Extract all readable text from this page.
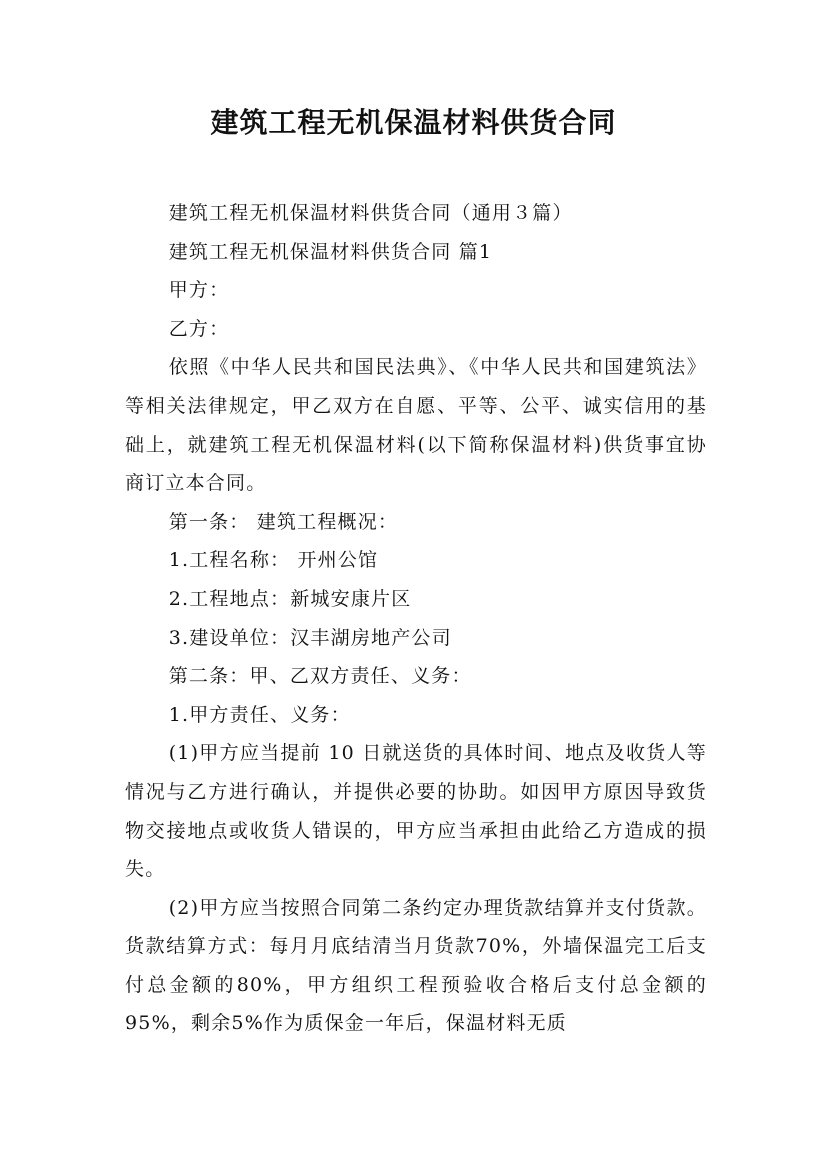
建筑工程无机保温材料供货合同

建筑工程无机保温材料供货合同（通用３篇）

建筑工程无机保温材料供货合同 篇1

甲方：

乙方：

依照《中华人民共和国民法典》、《中华人民共和国建筑法》等相关法律规定，甲乙双方在自愿、平等、公平、诚实信用的基础上，就建筑工程无机保温材料(以下简称保温材料)供货事宜协商订立本合同。

第一条： 建筑工程概况：

1.工程名称： 开州公馆

2.工程地点：新城安康片区

3.建设单位：汉丰湖房地产公司

第二条：甲、乙双方责任、义务：

1.甲方责任、义务：

(1)甲方应当提前 10 日就送货的具体时间、地点及收货人等情况与乙方进行确认，并提供必要的协助。如因甲方原因导致货物交接地点或收货人错误的，甲方应当承担由此给乙方造成的损失。

(2)甲方应当按照合同第二条约定办理货款结算并支付货款。货款结算方式：每月月底结清当月货款70%，外墙保温完工后支付总金额的80%，甲方组织工程预验收合格后支付总金额的95%，剩余5%作为质保金一年后，保温材料无质
